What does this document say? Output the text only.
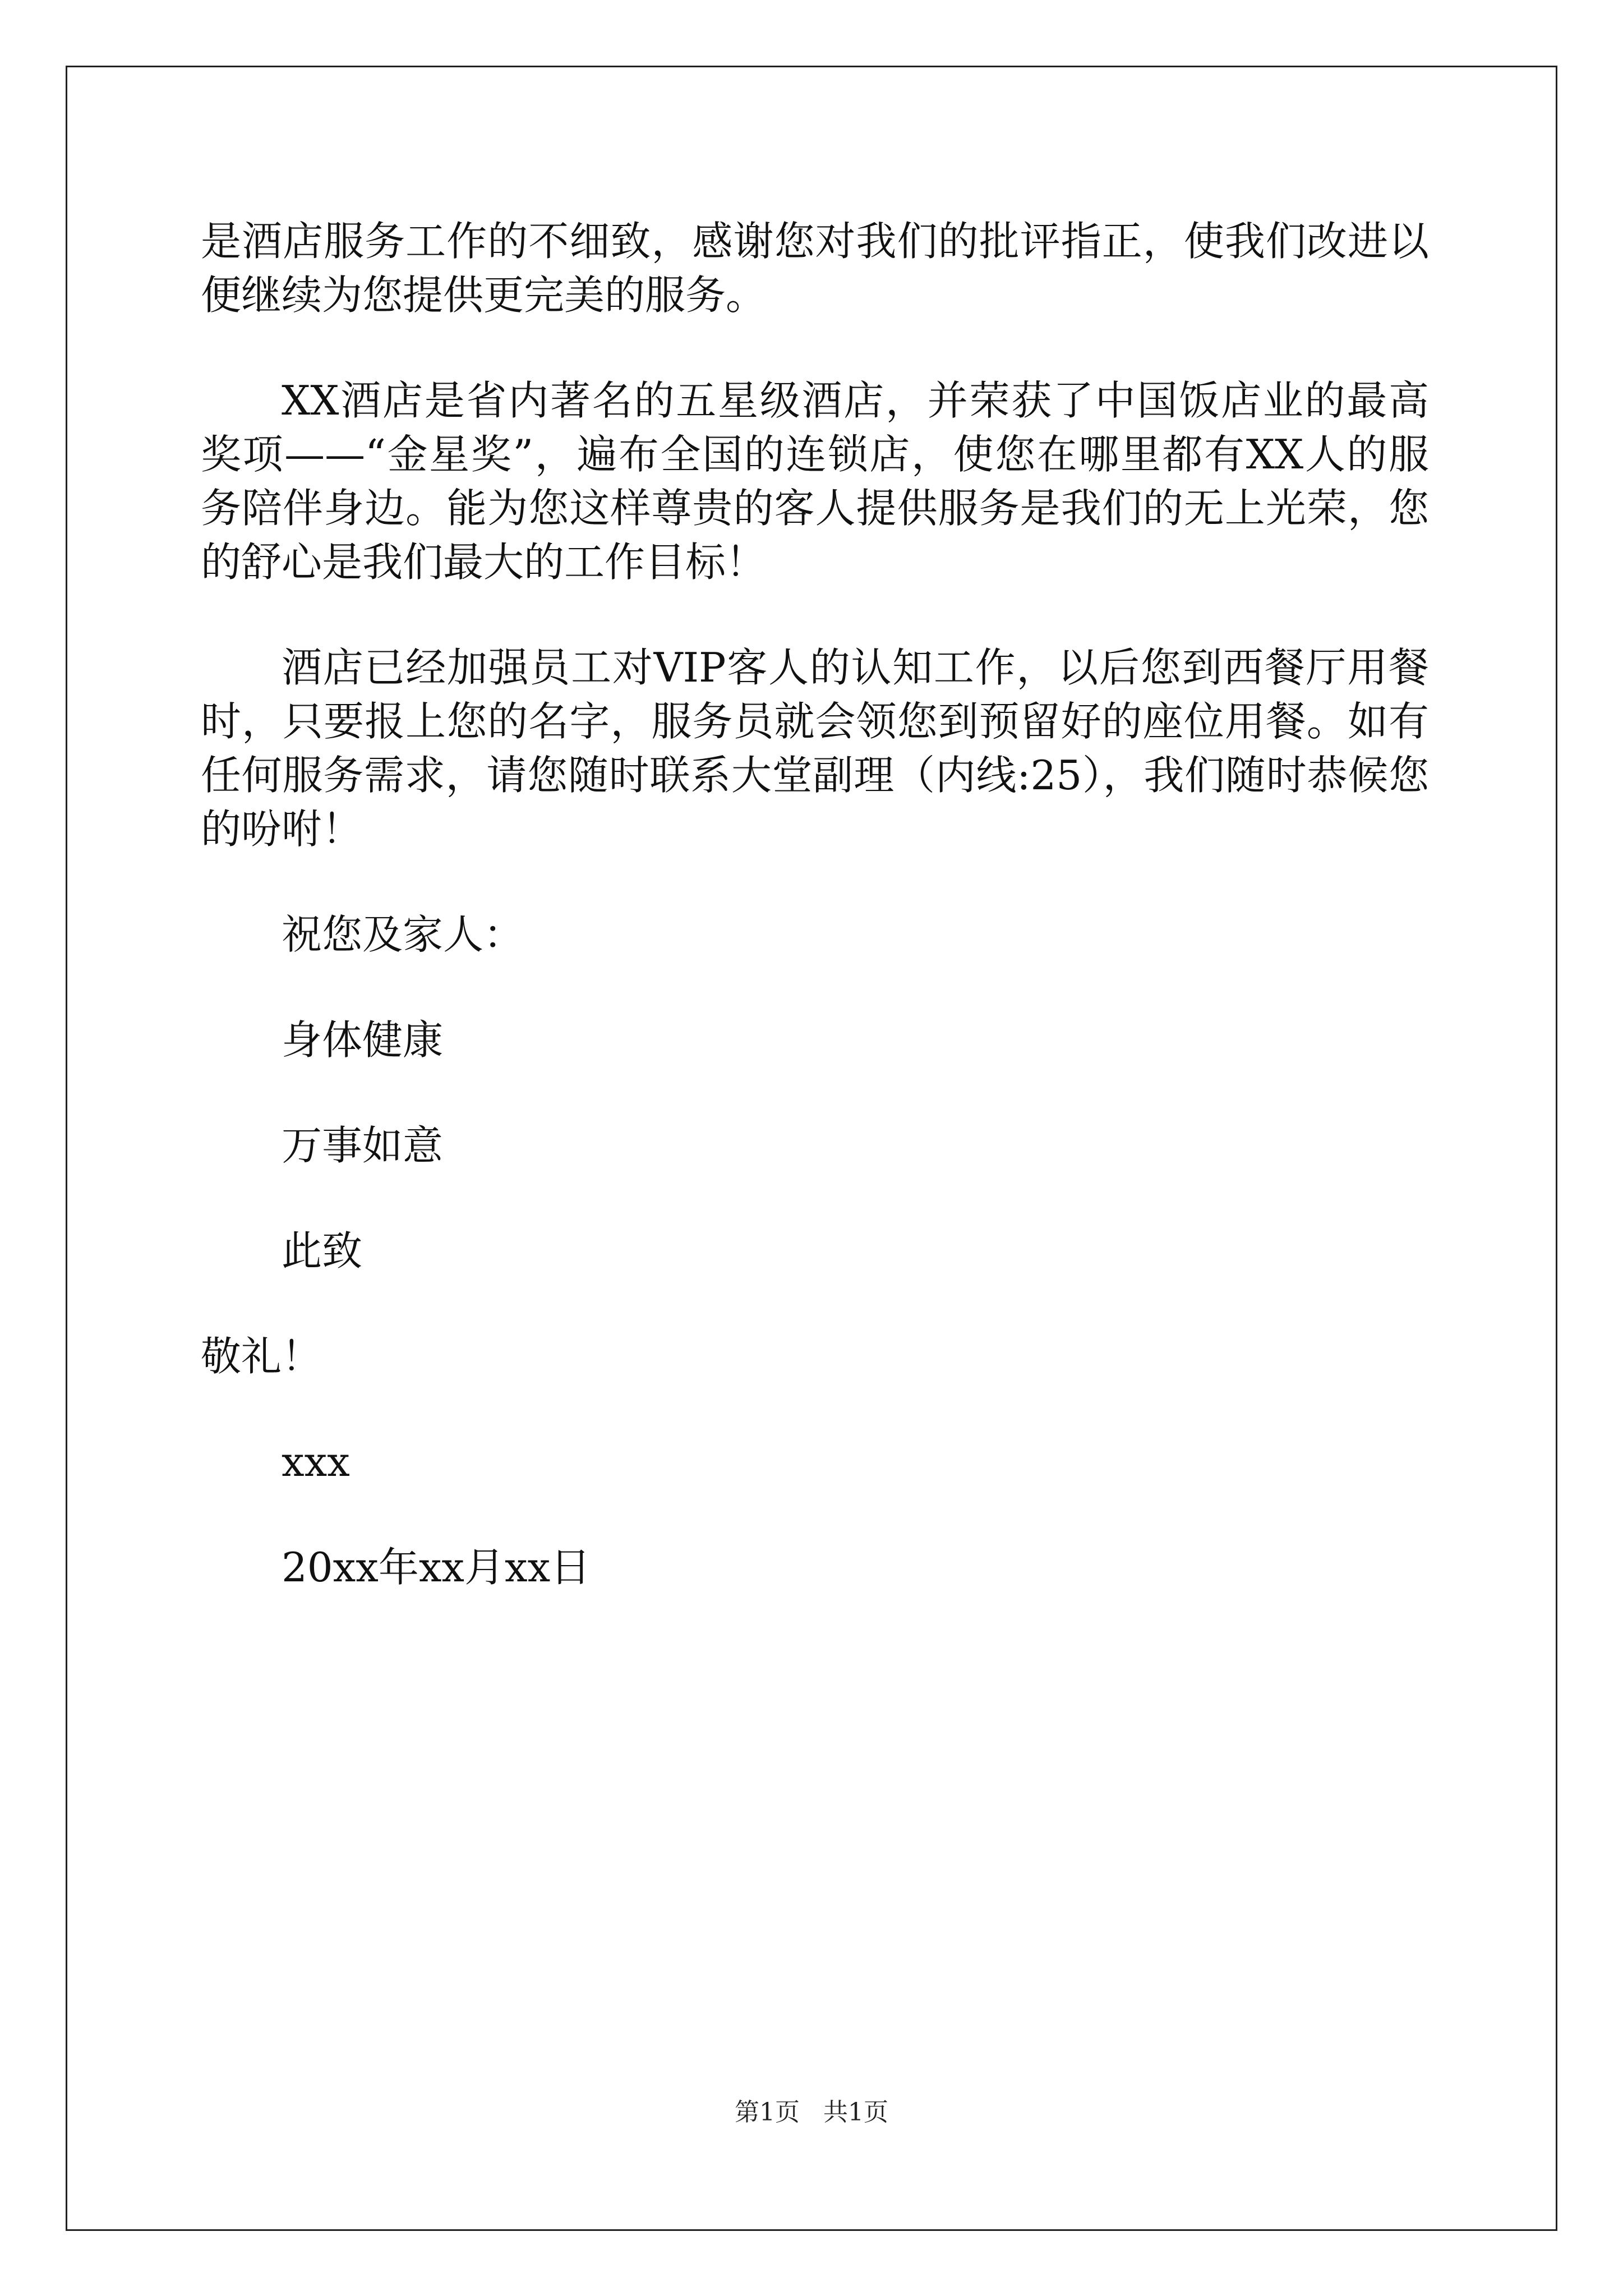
是酒店服务工作的不细致，感谢您对我们的批评指正，使我们改进以便继续为您提供更完美的服务。

XX酒店是省内著名的五星级酒店，并荣获了中国饭店业的最高奖项——“金星奖”，遍布全国的连锁店，使您在哪里都有XX人的服务陪伴身边。能为您这样尊贵的客人提供服务是我们的无上光荣，您的舒心是我们最大的工作目标！

酒店已经加强员工对VIP客人的认知工作，以后您到西餐厅用餐时，只要报上您的名字，服务员就会领您到预留好的座位用餐。如有任何服务需求，请您随时联系大堂副理（内线:25），我们随时恭候您的吩咐！

祝您及家人：

身体健康

万事如意

此致

敬礼！

xxx

20xx年xx月xx日

第1页   共1页
